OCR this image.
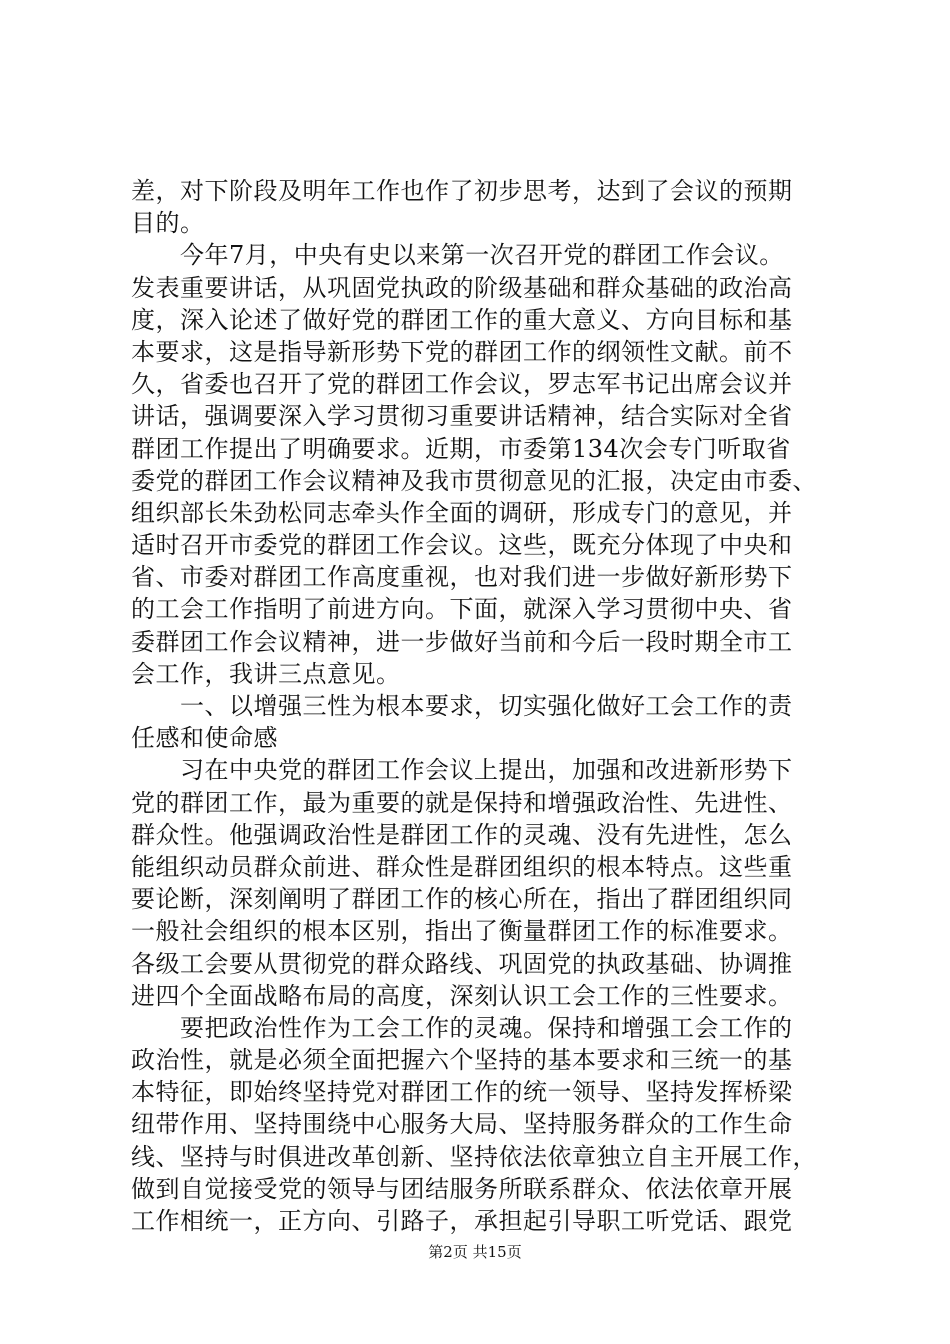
差，对下阶段及明年工作也作了初步思考，达到了会议的预期
目的。
　　今年7月，中央有史以来第一次召开党的群团工作会议。
发表重要讲话，从巩固党执政的阶级基础和群众基础的政治高
度，深入论述了做好党的群团工作的重大意义、方向目标和基
本要求，这是指导新形势下党的群团工作的纲领性文献。前不
久，省委也召开了党的群团工作会议，罗志军书记出席会议并
讲话，强调要深入学习贯彻习重要讲话精神，结合实际对全省
群团工作提出了明确要求。近期，市委第134次会专门听取省
委党的群团工作会议精神及我市贯彻意见的汇报，决定由市委、
组织部长朱劲松同志牵头作全面的调研，形成专门的意见，并
适时召开市委党的群团工作会议。这些，既充分体现了中央和
省、市委对群团工作高度重视，也对我们进一步做好新形势下
的工会工作指明了前进方向。下面，就深入学习贯彻中央、省
委群团工作会议精神，进一步做好当前和今后一段时期全市工
会工作，我讲三点意见。
　　一、以增强三性为根本要求，切实强化做好工会工作的责
任感和使命感
　　习在中央党的群团工作会议上提出，加强和改进新形势下
党的群团工作，最为重要的就是保持和增强政治性、先进性、
群众性。他强调政治性是群团工作的灵魂、没有先进性，怎么
能组织动员群众前进、群众性是群团组织的根本特点。这些重
要论断，深刻阐明了群团工作的核心所在，指出了群团组织同
一般社会组织的根本区别，指出了衡量群团工作的标准要求。
各级工会要从贯彻党的群众路线、巩固党的执政基础、协调推
进四个全面战略布局的高度，深刻认识工会工作的三性要求。
　　要把政治性作为工会工作的灵魂。保持和增强工会工作的
政治性，就是必须全面把握六个坚持的基本要求和三统一的基
本特征，即始终坚持党对群团工作的统一领导、坚持发挥桥梁
纽带作用、坚持围绕中心服务大局、坚持服务群众的工作生命
线、坚持与时俱进改革创新、坚持依法依章独立自主开展工作，
做到自觉接受党的领导与团结服务所联系群众、依法依章开展
工作相统一，正方向、引路子，承担起引导职工听党话、跟党
第2页 共15页
